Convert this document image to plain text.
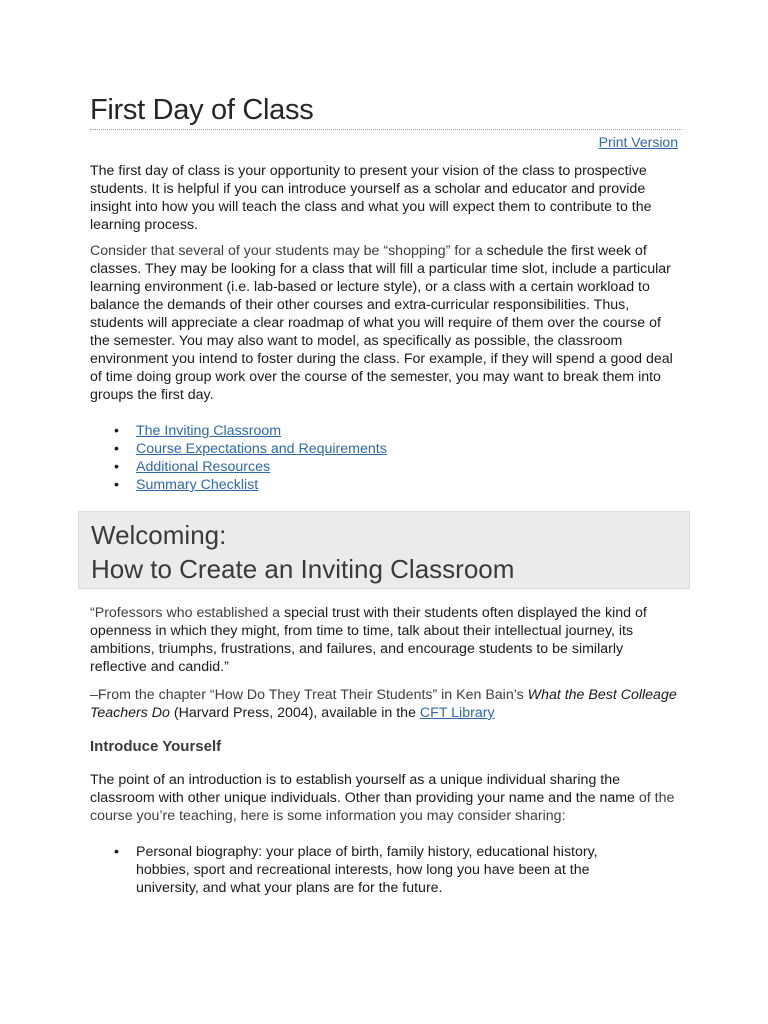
First Day of Class
Print Version

The first day of class is your opportunity to present your vision of the class to prospective students. It is helpful if you can introduce yourself as a scholar and educator and provide insight into how you will teach the class and what you will expect them to contribute to the learning process.

Consider that several of your students may be “shopping” for a schedule the first week of classes. They may be looking for a class that will fill a particular time slot, include a particular learning environment (i.e. lab-based or lecture style), or a class with a certain workload to balance the demands of their other courses and extra-curricular responsibilities. Thus, students will appreciate a clear roadmap of what you will require of them over the course of the semester. You may also want to model, as specifically as possible, the classroom environment you intend to foster during the class. For example, if they will spend a good deal of time doing group work over the course of the semester, you may want to break them into groups the first day.

• The Inviting Classroom
• Course Expectations and Requirements
• Additional Resources
• Summary Checklist
Welcoming:
How to Create an Inviting Classroom

“Professors who established a special trust with their students often displayed the kind of openness in which they might, from time to time, talk about their intellectual journey, its ambitions, triumphs, frustrations, and failures, and encourage students to be similarly reflective and candid.”

–From the chapter “How Do They Treat Their Students” in Ken Bain’s What the Best Colleage Teachers Do (Harvard Press, 2004), available in the CFT Library

Introduce Yourself

The point of an introduction is to establish yourself as a unique individual sharing the classroom with other unique individuals. Other than providing your name and the name of the course you’re teaching, here is some information you may consider sharing:

• Personal biography: your place of birth, family history, educational history, hobbies, sport and recreational interests, how long you have been at the university, and what your plans are for the future.
